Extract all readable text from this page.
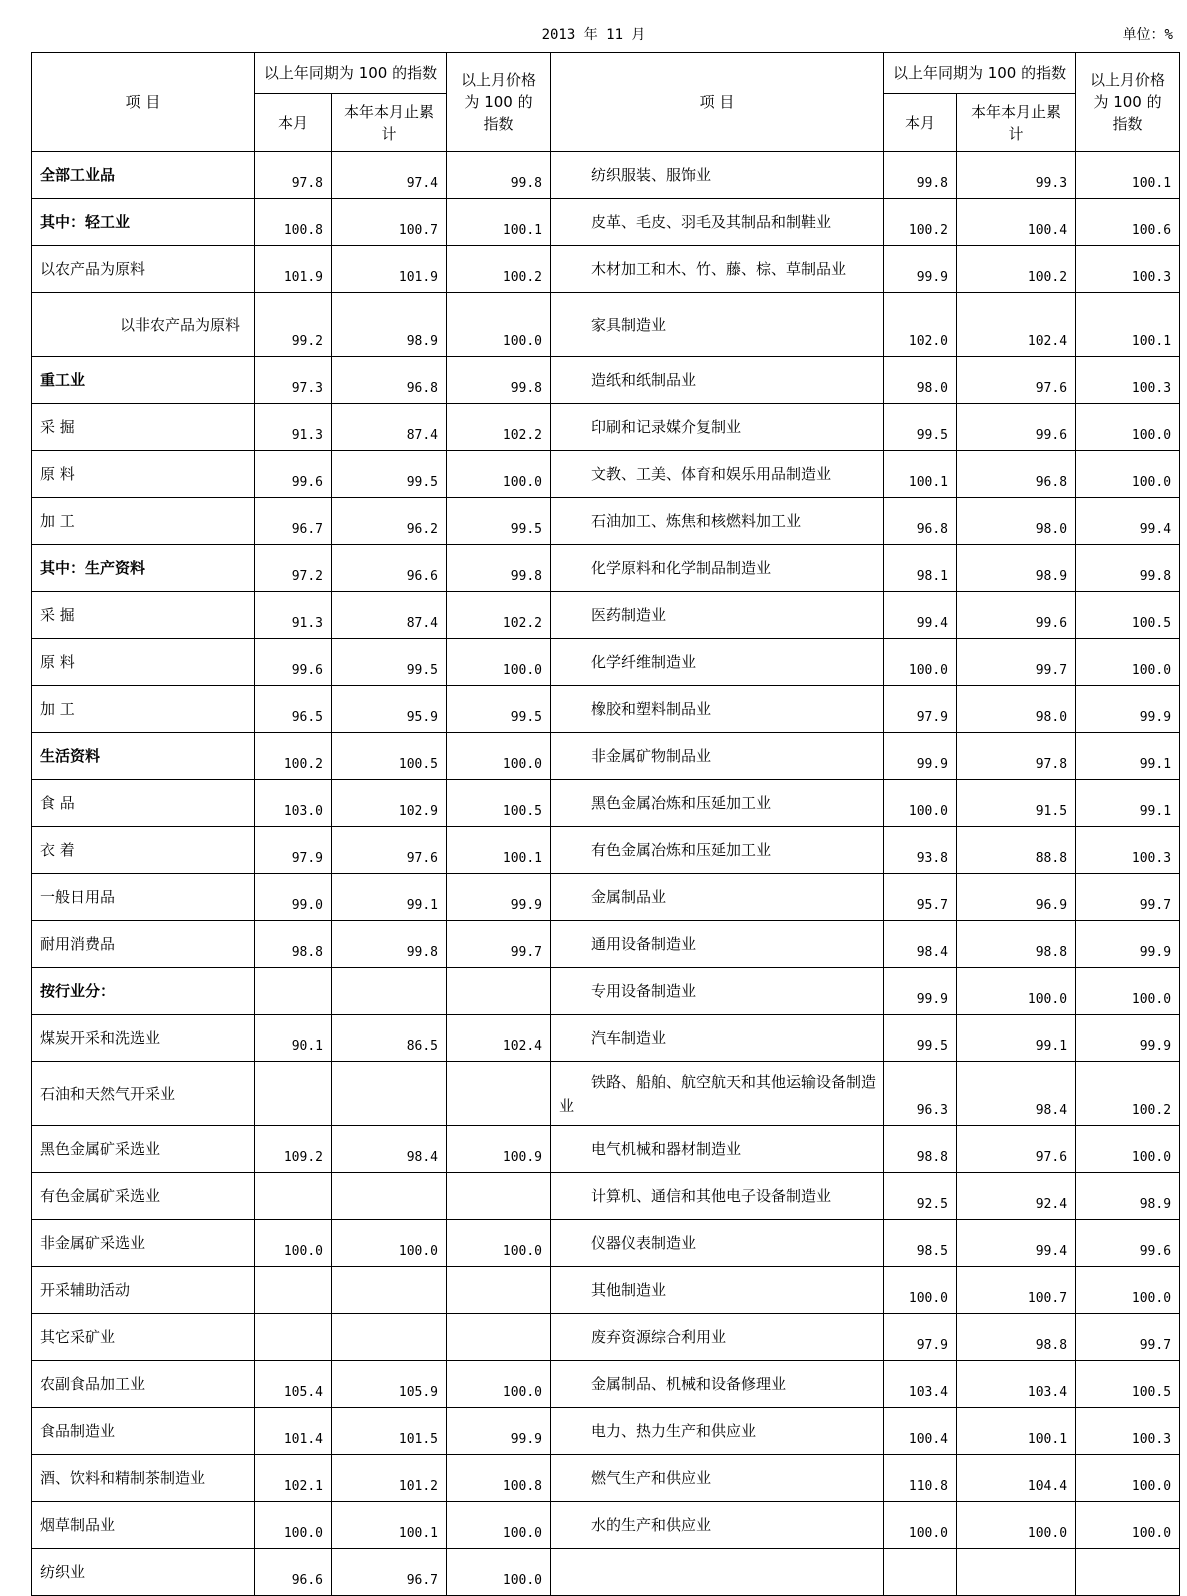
2013 年 11 月	单位：%
项 目	以上年同期为 100 的指数		以上月价格为 100 的指数	项 目	以上年同期为 100 的指数		以上月价格为 100 的指数
	本月	本年本月止累计			本月	本年本月止累计	
全部工业品	97.8	97.4	99.8	纺织服装、服饰业	99.8	99.3	100.1
其中：轻工业	100.8	100.7	100.1	皮革、毛皮、羽毛及其制品和制鞋业	100.2	100.4	100.6
以农产品为原料	101.9	101.9	100.2	木材加工和木、竹、藤、棕、草制品业	99.9	100.2	100.3
以非农产品为原料	99.2	98.9	100.0	家具制造业	102.0	102.4	100.1
重工业	97.3	96.8	99.8	造纸和纸制品业	98.0	97.6	100.3
采 掘	91.3	87.4	102.2	印刷和记录媒介复制业	99.5	99.6	100.0
原 料	99.6	99.5	100.0	文教、工美、体育和娱乐用品制造业	100.1	96.8	100.0
加 工	96.7	96.2	99.5	石油加工、炼焦和核燃料加工业	96.8	98.0	99.4
其中：生产资料	97.2	96.6	99.8	化学原料和化学制品制造业	98.1	98.9	99.8
采 掘	91.3	87.4	102.2	医药制造业	99.4	99.6	100.5
原 料	99.6	99.5	100.0	化学纤维制造业	100.0	99.7	100.0
加 工	96.5	95.9	99.5	橡胶和塑料制品业	97.9	98.0	99.9
生活资料	100.2	100.5	100.0	非金属矿物制品业	99.9	97.8	99.1
食 品	103.0	102.9	100.5	黑色金属冶炼和压延加工业	100.0	91.5	99.1
衣 着	97.9	97.6	100.1	有色金属冶炼和压延加工业	93.8	88.8	100.3
一般日用品	99.0	99.1	99.9	金属制品业	95.7	96.9	99.7
耐用消费品	98.8	99.8	99.7	通用设备制造业	98.4	98.8	99.9
按行业分：				专用设备制造业	99.9	100.0	100.0
煤炭开采和洗选业	90.1	86.5	102.4	汽车制造业	99.5	99.1	99.9
石油和天然气开采业				铁路、船舶、航空航天和其他运输设备制造业	96.3	98.4	100.2
黑色金属矿采选业	109.2	98.4	100.9	电气机械和器材制造业	98.8	97.6	100.0
有色金属矿采选业				计算机、通信和其他电子设备制造业	92.5	92.4	98.9
非金属矿采选业	100.0	100.0	100.0	仪器仪表制造业	98.5	99.4	99.6
开采辅助活动				其他制造业	100.0	100.7	100.0
其它采矿业				废弃资源综合利用业	97.9	98.8	99.7
农副食品加工业	105.4	105.9	100.0	金属制品、机械和设备修理业	103.4	103.4	100.5
食品制造业	101.4	101.5	99.9	电力、热力生产和供应业	100.4	100.1	100.3
酒、饮料和精制茶制造业	102.1	101.2	100.8	燃气生产和供应业	110.8	104.4	100.0
烟草制品业	100.0	100.1	100.0	水的生产和供应业	100.0	100.0	100.0
纺织业	96.6	96.7	100.0				
